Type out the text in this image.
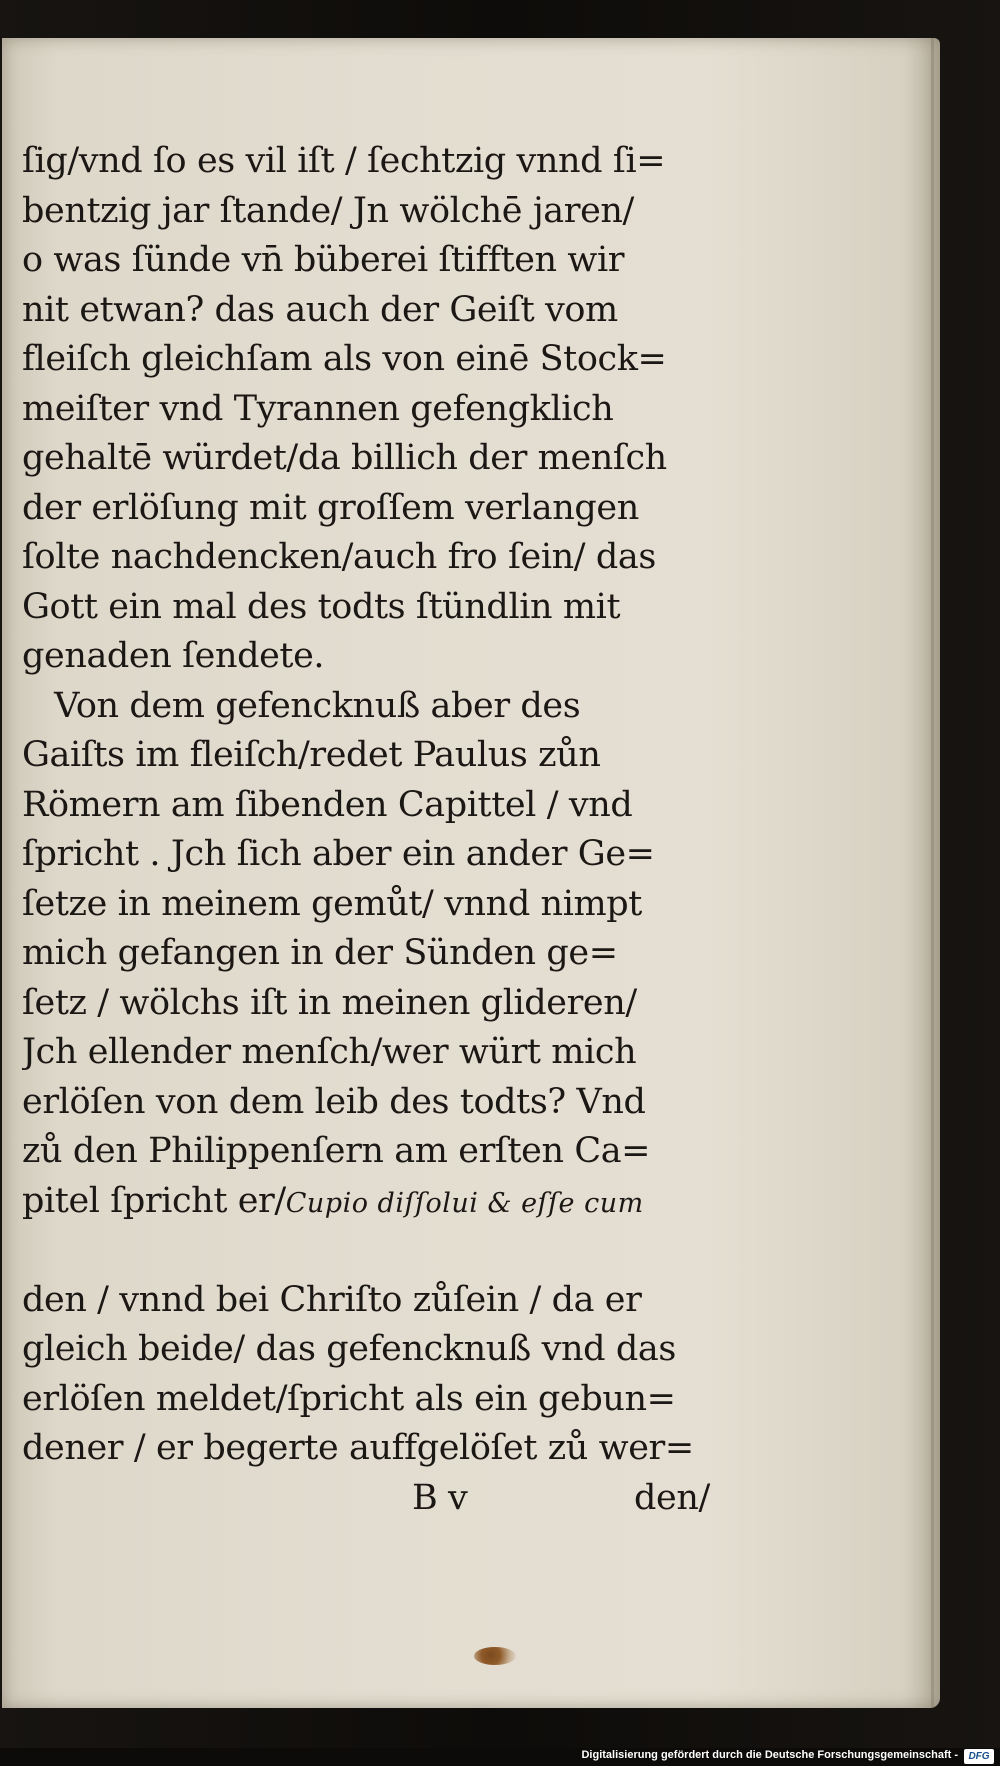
ſig/vnd ſo es vil iſt / ſechtzig vnnd ſi=
bentzig jar ſtande/ Jn wölchē jaren/
o was ſünde vn̄ büberei ſtifften wir
nit etwan? das auch der Geiſt vom
fleiſch gleichſam als von einē Stock=
meiſter vnd Tyrannen gefengklich
gehaltē würdet/da billich der menſch
der erlöſung mit groſſem verlangen
ſolte nachdencken/auch fro ſein/ das
Gott ein mal des todts ſtündlin mit
genaden ſendete.
Von dem gefencknuß aber des
Gaiſts im fleiſch/redet Paulus zůn
Römern am ſibenden Capittel / vnd
ſpricht . Jch ſich aber ein ander Ge=
ſetze in meinem gemůt/ vnnd nimpt
mich gefangen in der Sünden ge=
ſetz / wölchs iſt in meinen glideren/
Jch ellender menſch/wer würt mich
erlöſen von dem leib des todts? Vnd
zů den Philippenſern am erſten Ca=
pitel ſpricht er/Cupio diſſolui & eſſe cum

den / vnnd bei Chriſto zůſein / da er
gleich beide/ das gefencknuß vnd das
erlöſen meldet/ſpricht als ein gebun=
dener / er begerte auffgelöſet zů wer=
B v	den/
Digitalisierung gefördert durch die Deutsche Forschungsgemeinschaft -	DFG
